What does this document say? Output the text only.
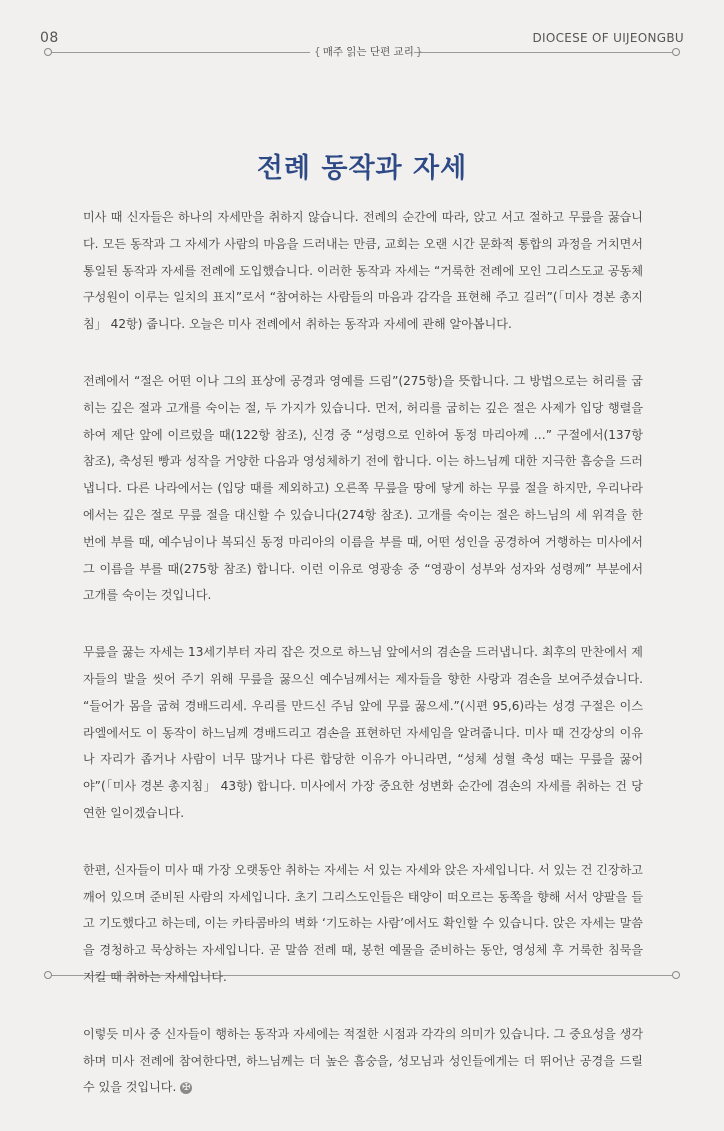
08	DIOCESE OF UIJEONGBU
{ 매주 읽는 단편 교리 }
전례 동작과 자세

미사 때 신자들은 하나의 자세만을 취하지 않습니다. 전례의 순간에 따라, 앉고 서고 절하고 무릎을 꿇습니다. 모든 동작과 그 자세가 사람의 마음을 드러내는 만큼, 교회는 오랜 시간 문화적 통합의 과정을 거치면서 통일된 동작과 자세를 전례에 도입했습니다. 이러한 동작과 자세는 “거룩한 전례에 모인 그리스도교 공동체 구성원이 이루는 일치의 표지”로서 “참여하는 사람들의 마음과 감각을 표현해 주고 길러”(「미사 경본 총지침」 42항) 줍니다. 오늘은 미사 전례에서 취하는 동작과 자세에 관해 알아봅니다.

전례에서 “절은 어떤 이나 그의 표상에 공경과 영예를 드림”(275항)을 뜻합니다. 그 방법으로는 허리를 굽히는 깊은 절과 고개를 숙이는 절, 두 가지가 있습니다. 먼저, 허리를 굽히는 깊은 절은 사제가 입당 행렬을 하여 제단 앞에 이르렀을 때(122항 참조), 신경 중 “성령으로 인하여 동정 마리아께 …” 구절에서(137항 참조), 축성된 빵과 성작을 거양한 다음과 영성체하기 전에 합니다. 이는 하느님께 대한 지극한 흠숭을 드러냅니다. 다른 나라에서는 (입당 때를 제외하고) 오른쪽 무릎을 땅에 닿게 하는 무릎 절을 하지만, 우리나라에서는 깊은 절로 무릎 절을 대신할 수 있습니다(274항 참조). 고개를 숙이는 절은 하느님의 세 위격을 한 번에 부를 때, 예수님이나 복되신 동정 마리아의 이름을 부를 때, 어떤 성인을 공경하여 거행하는 미사에서 그 이름을 부를 때(275항 참조) 합니다. 이런 이유로 영광송 중 “영광이 성부와 성자와 성령께” 부분에서 고개를 숙이는 것입니다.

무릎을 꿇는 자세는 13세기부터 자리 잡은 것으로 하느님 앞에서의 겸손을 드러냅니다. 최후의 만찬에서 제자들의 발을 씻어 주기 위해 무릎을 꿇으신 예수님께서는 제자들을 향한 사랑과 겸손을 보여주셨습니다. “들어가 몸을 굽혀 경배드리세. 우리를 만드신 주님 앞에 무릎 꿇으세.”(시편 95,6)라는 성경 구절은 이스라엘에서도 이 동작이 하느님께 경배드리고 겸손을 표현하던 자세임을 알려줍니다. 미사 때 건강상의 이유나 자리가 좁거나 사람이 너무 많거나 다른 합당한 이유가 아니라면, “성체 성혈 축성 때는 무릎을 꿇어야”(「미사 경본 총지침」 43항) 합니다. 미사에서 가장 중요한 성변화 순간에 겸손의 자세를 취하는 건 당연한 일이겠습니다.

한편, 신자들이 미사 때 가장 오랫동안 취하는 자세는 서 있는 자세와 앉은 자세입니다. 서 있는 건 긴장하고 깨어 있으며 준비된 사람의 자세입니다. 초기 그리스도인들은 태양이 떠오르는 동쪽을 향해 서서 양팔을 들고 기도했다고 하는데, 이는 카타콤바의 벽화 ‘기도하는 사람’에서도 확인할 수 있습니다. 앉은 자세는 말씀을 경청하고 묵상하는 자세입니다. 곧 말씀 전례 때, 봉헌 예물을 준비하는 동안, 영성체 후 거룩한 침묵을 지킬 때 취하는 자세입니다.

이렇듯 미사 중 신자들이 행하는 동작과 자세에는 적절한 시점과 각각의 의미가 있습니다. 그 중요성을 생각하며 미사 전례에 참여한다면, 하느님께는 더 높은 흠숭을, 성모님과 성인들에게는 더 뛰어난 공경을 드릴 수 있을 것입니다. ✠
